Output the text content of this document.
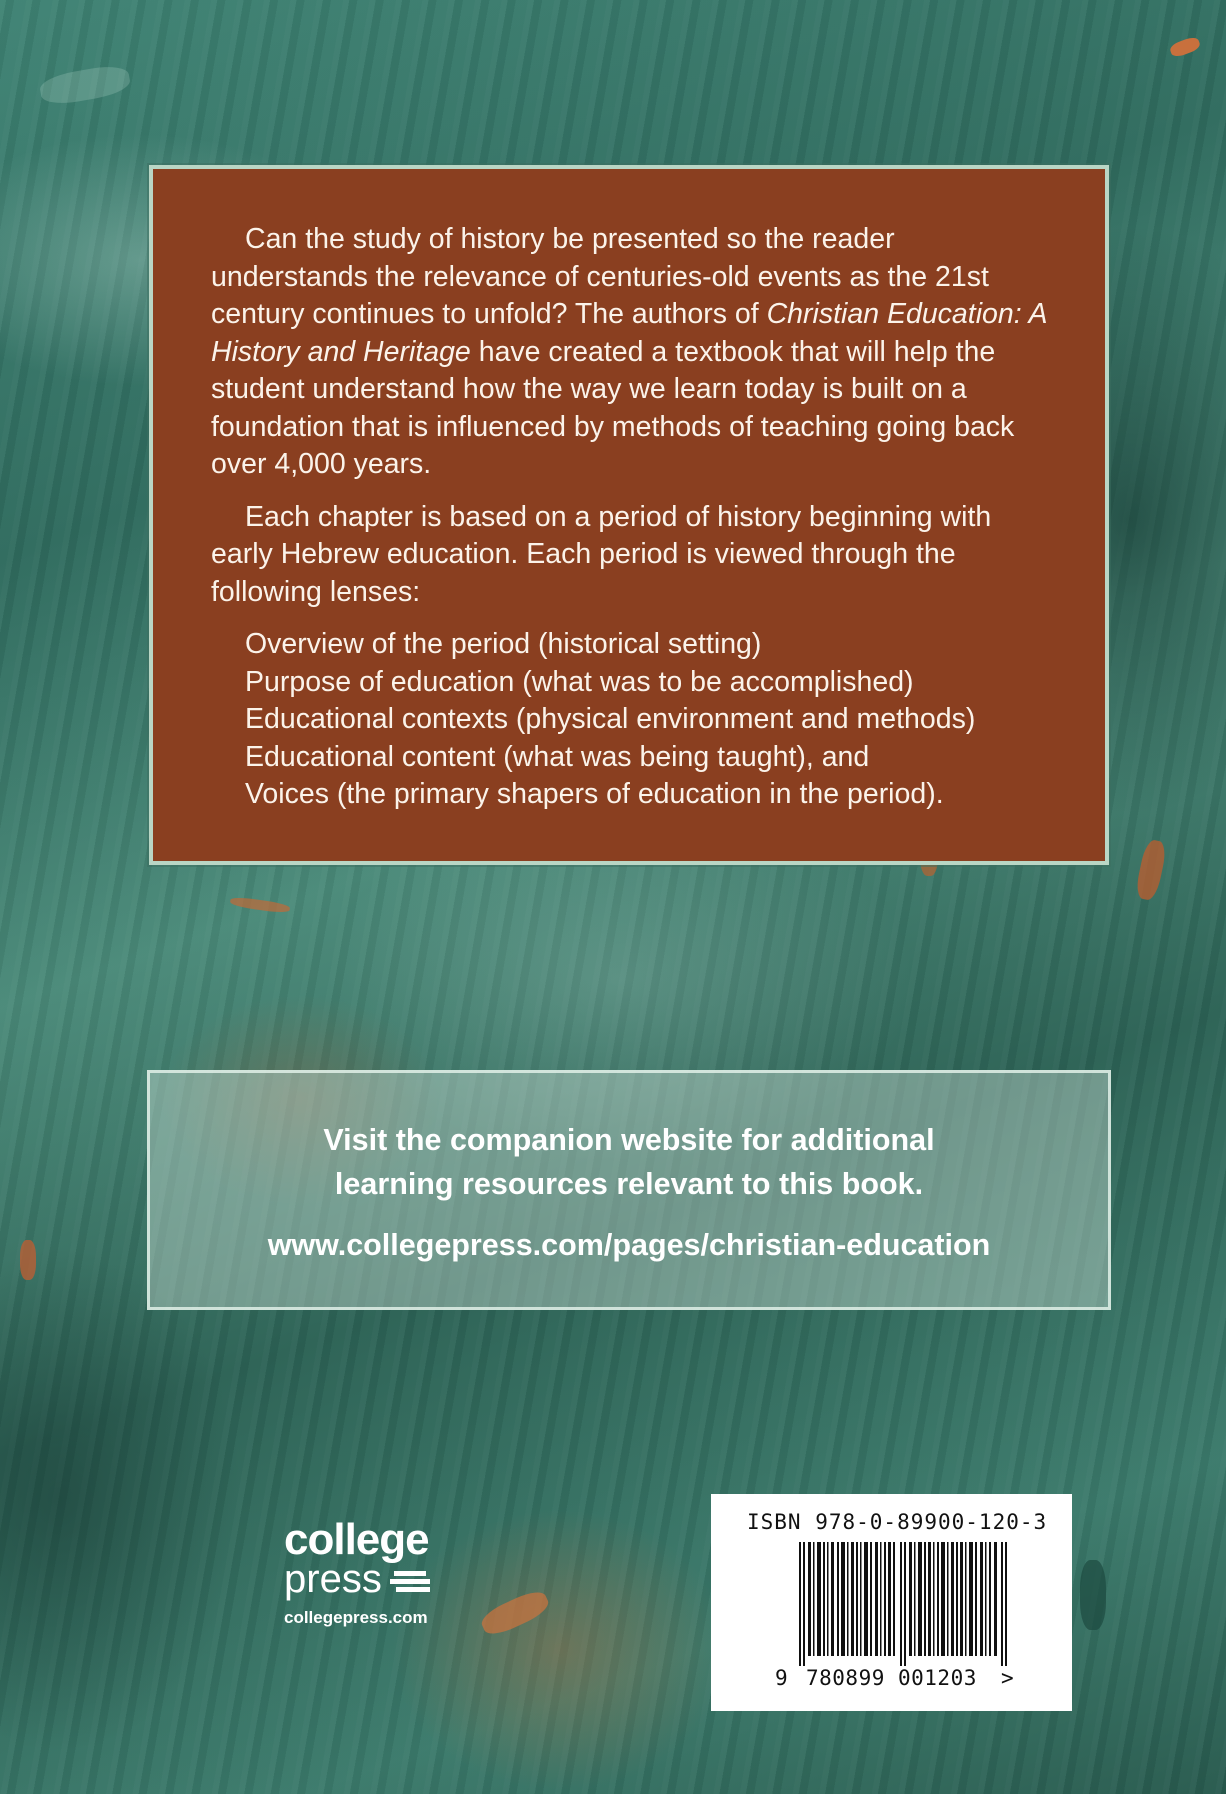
Can the study of history be presented so the reader understands the relevance of centuries-old events as the 21st century continues to unfold? The authors of Christian Education: A History and Heritage have created a textbook that will help the student understand how the way we learn today is built on a foundation that is influenced by methods of teaching going back over 4,000 years.

Each chapter is based on a period of history beginning with early Hebrew education. Each period is viewed through the following lenses:

Overview of the period (historical setting)
Purpose of education (what was to be accomplished)
Educational contexts (physical environment and methods)
Educational content (what was being taught), and
Voices (the primary shapers of education in the period).
Visit the companion website for additional
learning resources relevant to this book.
www.collegepress.com/pages/christian-education
college
press
collegepress.com
ISBN 978-0-89900-120-3
9 780899 001203 >
